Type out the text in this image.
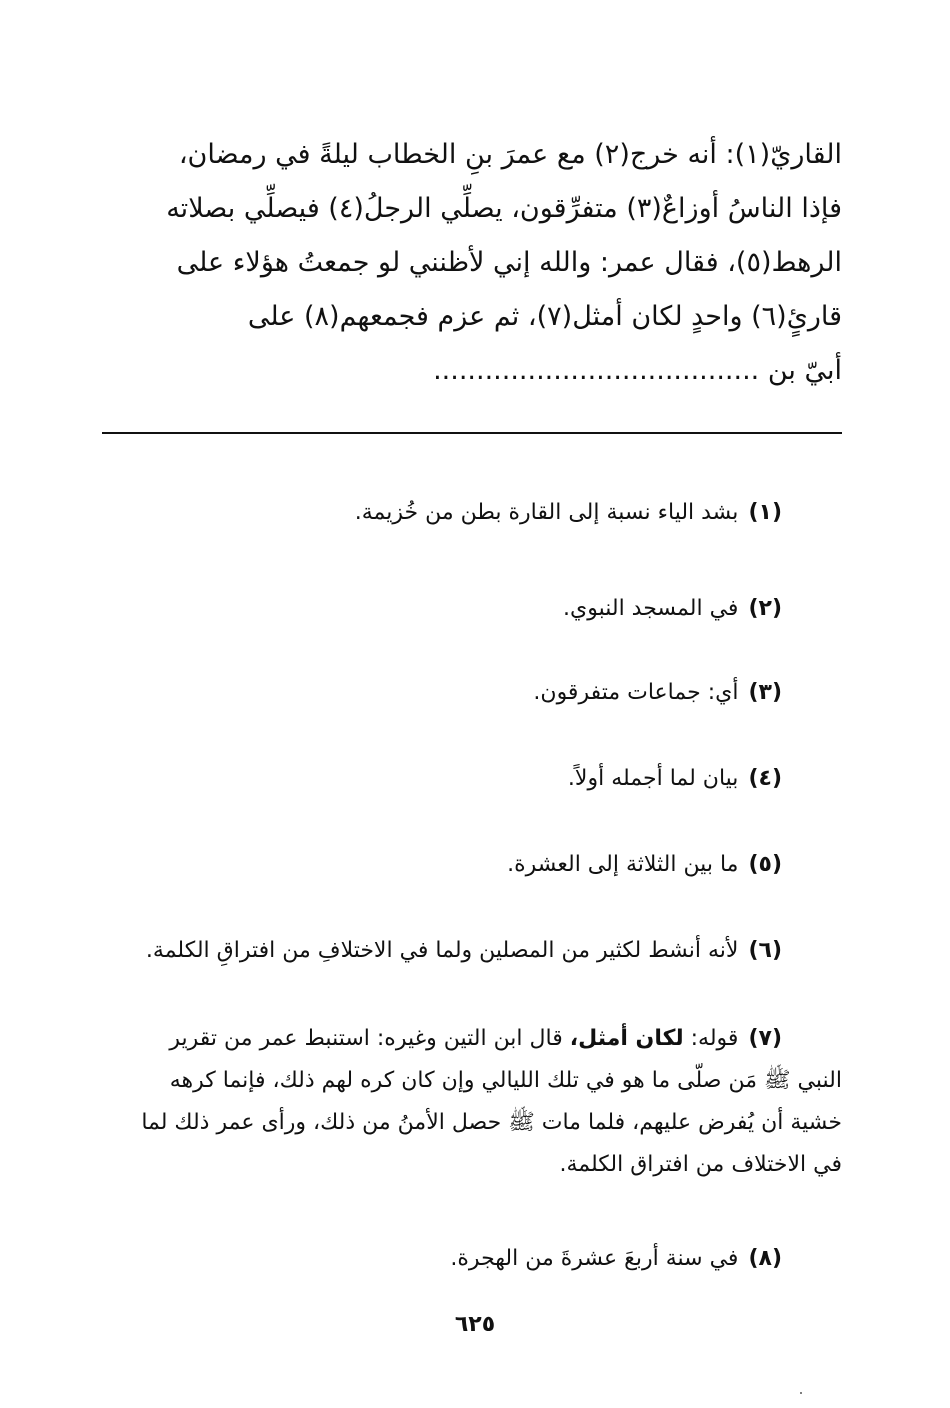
القاريّ(١): أنه خرج(٢) مع عمرَ بنِ الخطاب ليلةً في رمضان،
فإذا الناسُ أوزاعٌ(٣) متفرِّقون، يصلِّي الرجلُ(٤) فيصلِّي بصلاته
الرهط(٥)، فقال عمر: والله إني لأظنني لو جمعتُ هؤلاء على
قارئٍ(٦) واحدٍ لكان أمثل(٧)، ثم عزم فجمعهم(٨) على
أبيّ بن ......................................
(١)بشد الياء نسبة إلى القارة بطن من خُزيمة.
(٢)في المسجد النبوي.
(٣)أي: جماعات متفرقون.
(٤)بيان لما أجمله أولاً.
(٥)ما بين الثلاثة إلى العشرة.
(٦)لأنه أنشط لكثير من المصلين ولما في الاختلافِ من افتراقِ الكلمة.
(٧)قوله: لكان أمثل، قال ابن التين وغيره: استنبط عمر من تقرير
النبي ﷺ مَن صلّى ما هو في تلك الليالي وإن كان كره لهم ذلك، فإنما كرهه
خشية أن يُفرض عليهم، فلما مات ﷺ حصل الأمنُ من ذلك، ورأى عمر ذلك لما
في الاختلاف من افتراق الكلمة.
(٨)في سنة أربعَ عشرةَ من الهجرة.
٦٢٥
